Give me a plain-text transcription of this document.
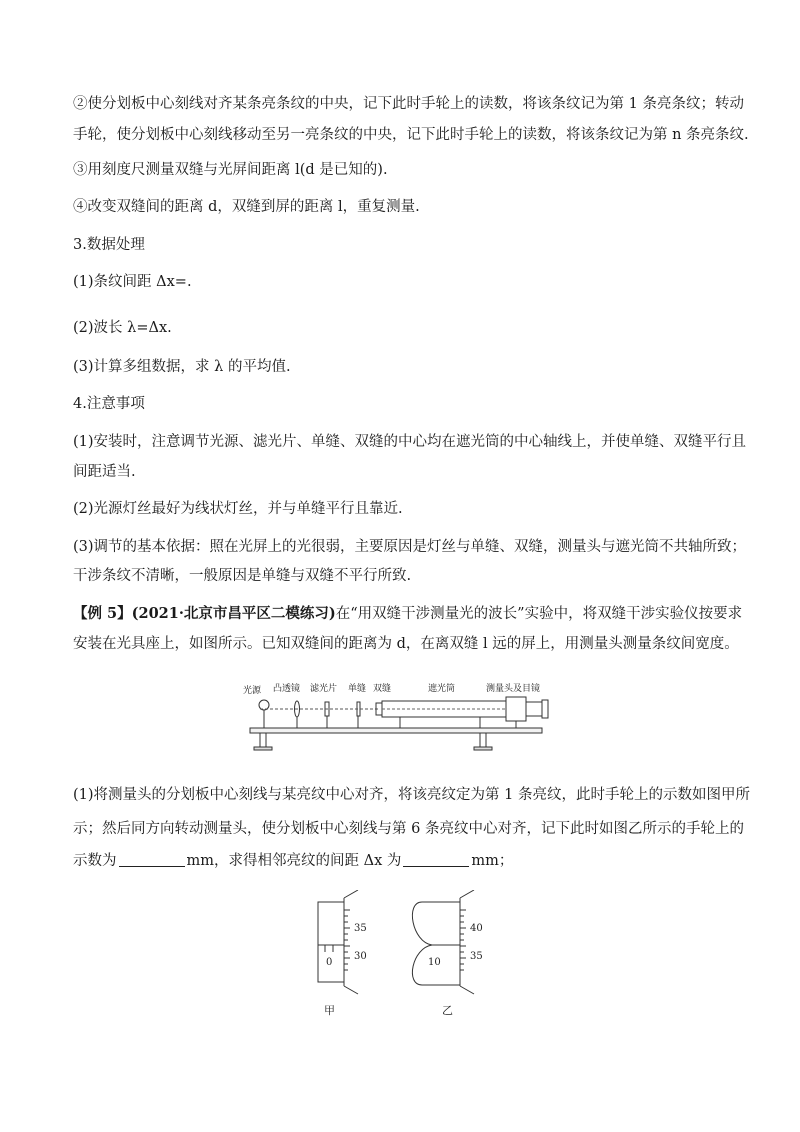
②使分划板中心刻线对齐某条亮条纹的中央，记下此时手轮上的读数，将该条纹记为第 1 条亮条纹；转动
手轮，使分划板中心刻线移动至另一亮条纹的中央，记下此时手轮上的读数，将该条纹记为第 n 条亮条纹.
③用刻度尺测量双缝与光屏间距离 l(d 是已知的).
④改变双缝间的距离 d，双缝到屏的距离 l，重复测量.
3.数据处理
(1)条纹间距 Δx=.
(2)波长 λ=Δx.
(3)计算多组数据，求 λ 的平均值.
4.注意事项
(1)安装时，注意调节光源、滤光片、单缝、双缝的中心均在遮光筒的中心轴线上，并使单缝、双缝平行且
间距适当.
(2)光源灯丝最好为线状灯丝，并与单缝平行且靠近.
(3)调节的基本依据：照在光屏上的光很弱，主要原因是灯丝与单缝、双缝，测量头与遮光筒不共轴所致；
干涉条纹不清晰，一般原因是单缝与双缝不平行所致.
【例 5】(2021·北京市昌平区二模练习)在“用双缝干涉测量光的波长”实验中，将双缝干涉实验仪按要求
安装在光具座上，如图所示。已知双缝间的距离为 d，在离双缝 l 远的屏上，用测量头测量条纹间宽度。
光源 凸透镜 滤光片 单缝 双缝	遮光筒	测量头及目镜
(1)将测量头的分划板中心刻线与某亮纹中心对齐，将该亮纹定为第 1 条亮纹，此时手轮上的示数如图甲所
示；然后同方向转动测量头，使分划板中心刻线与第 6 条亮纹中心对齐，记下此时如图乙所示的手轮上的
示数为	mm，求得相邻亮纹的间距 Δx 为	mm；
0
35
30
甲
10
40
35
乙
